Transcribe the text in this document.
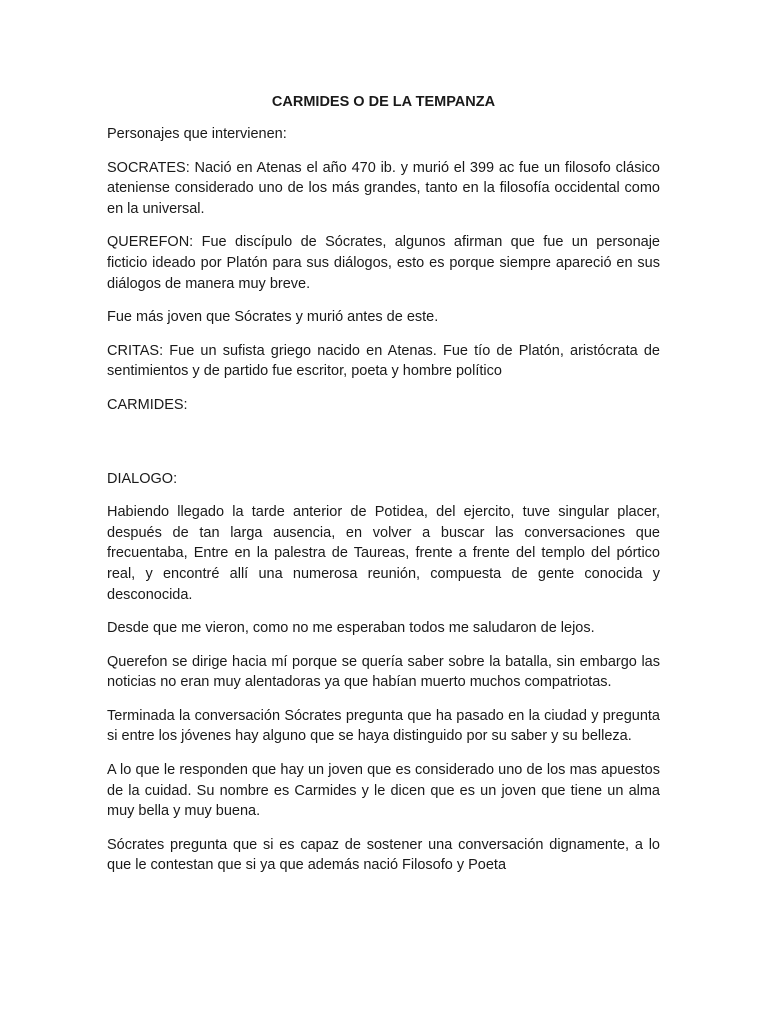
CARMIDES O DE LA TEMPANZA
Personajes que intervienen:
SOCRATES: Nació en Atenas el año 470 ib. y murió el 399 ac fue un filosofo clásico ateniense considerado uno de los más grandes, tanto en la filosofía occidental como en la universal.
QUEREFON: Fue discípulo de Sócrates, algunos afirman que fue un personaje ficticio ideado por Platón para sus diálogos, esto es porque siempre apareció en sus diálogos de manera muy breve.
Fue más joven que Sócrates y murió antes de este.
CRITAS: Fue un sufista griego nacido en Atenas. Fue tío de Platón, aristócrata de sentimientos y de partido fue escritor, poeta y hombre político
CARMIDES:
DIALOGO:
Habiendo llegado la tarde anterior de Potidea, del ejercito, tuve singular placer, después de tan larga ausencia, en volver a buscar las conversaciones que frecuentaba, Entre en la palestra de Taureas, frente a frente del templo del pórtico real, y encontré allí una numerosa reunión, compuesta de gente conocida y desconocida.
Desde que me vieron, como no me esperaban todos me saludaron de lejos.
Querefon se dirige hacia mí porque se quería saber sobre la batalla, sin embargo las noticias no eran muy alentadoras ya que habían muerto muchos compatriotas.
Terminada la conversación Sócrates pregunta que ha pasado en la ciudad y pregunta si entre los jóvenes hay alguno que se haya distinguido por su saber y su belleza.
A lo que le responden que hay un joven que es considerado uno de los mas apuestos de la cuidad. Su nombre es Carmides y le dicen que es un joven que tiene un alma muy bella y muy buena.
Sócrates pregunta que si es capaz de sostener una conversación dignamente, a lo que le contestan que si ya que además nació Filosofo y Poeta
